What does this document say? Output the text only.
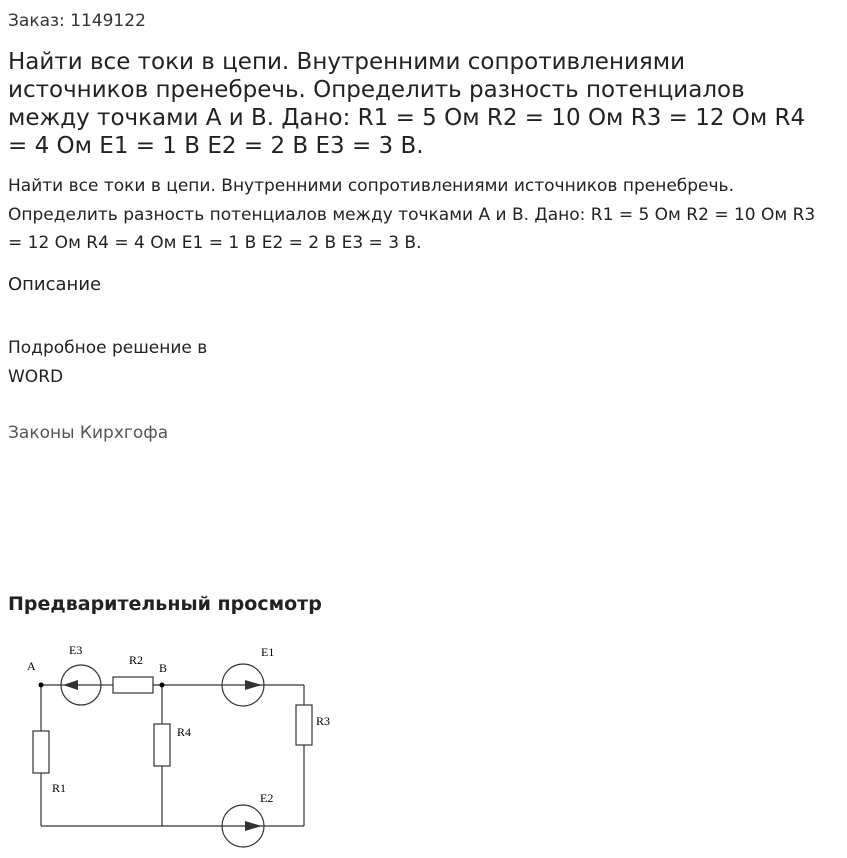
Заказ: 1149122
Найти все токи в цепи. Внутренними сопротивлениями источников пренебречь. Определить разность потенциалов между точками А и В. Дано: R1 = 5 Ом R2 = 10 Ом R3 = 12 Ом R4 = 4 Ом E1 = 1 В E2 = 2 В E3 = 3 В.

Найти все токи в цепи. Внутренними сопротивлениями источников пренебречь. Определить разность потенциалов между точками А и В. Дано: R1 = 5 Ом R2 = 10 Ом R3 = 12 Ом R4 = 4 Ом E1 = 1 В E2 = 2 В E3 = 3 В.

Описание

Подробное решение в
WORD

Законы Кирхгофа
Предварительный просмотр
A	B
E3
R2
E1
R3
R4
R1
E2
